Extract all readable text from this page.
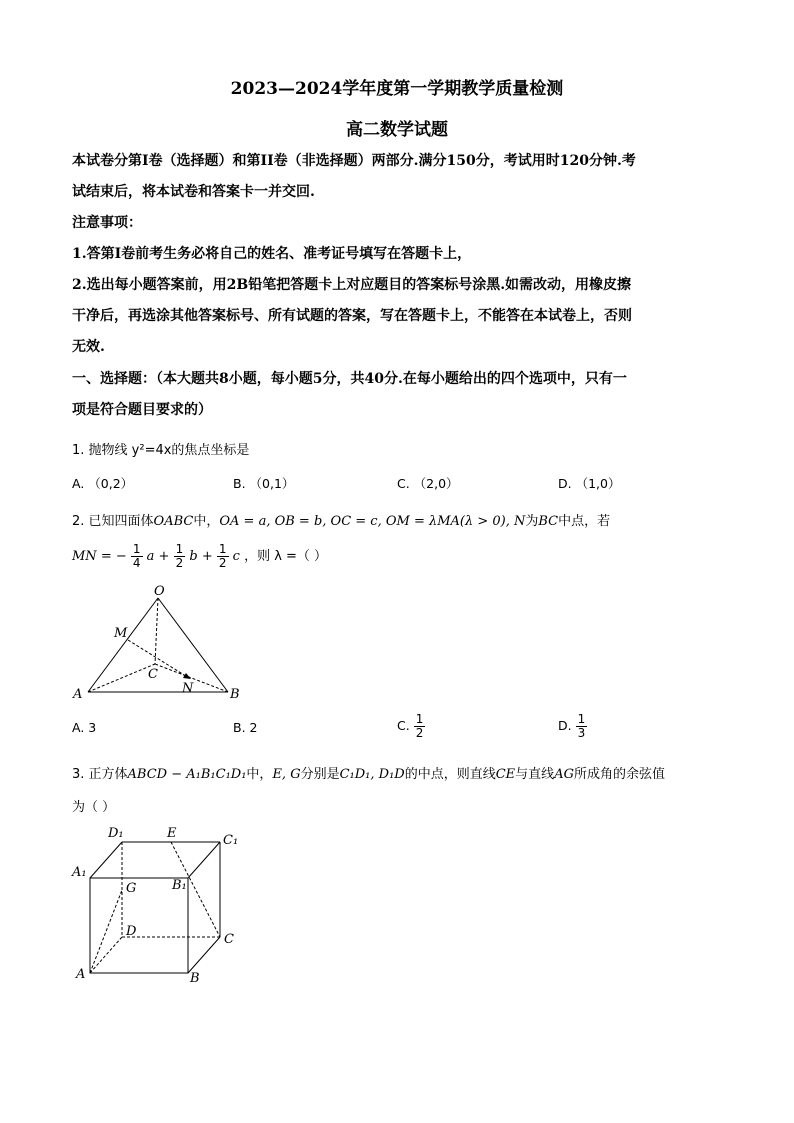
2023—2024学年度第一学期教学质量检测
高二数学试题
本试卷分第I卷（选择题）和第II卷（非选择题）两部分.满分150分，考试用时120分钟.考
试结束后，将本试卷和答案卡一并交回.
注意事项：
1.答第I卷前考生务必将自己的姓名、准考证号填写在答题卡上，
2.选出每小题答案前，用2B铅笔把答题卡上对应题目的答案标号涂黑.如需改动，用橡皮擦
干净后，再选涂其他答案标号、所有试题的答案，写在答题卡上，不能答在本试卷上，否则
无效.
一、选择题：（本大题共8小题，每小题5分，共40分.在每小题给出的四个选项中，只有一
项是符合题目要求的）
1. 抛物线 y²=4x的焦点坐标是
A. （0,2）	B. （0,1）	C. （2,0）	D. （1,0）
2. 已知四面体OABC中，OA = a, OB = b, OC = c, OM = λMA(λ > 0), N为BC中点，若
MN = − $\frac{1}{4}$ $a + \frac{1}{2}$ $b + \frac{1}{2}$ c ，则 λ =（ ）
O
M
C
N
A	B
A. 3	B. 2	C. $\frac{1}{2}$	D. $\frac{1}{3}$
3. 正方体ABCD − A₁B₁C₁D₁中，E, G分别是C₁D₁, D₁D的中点，则直线CE与直线AG所成角的余弦值
为（ ）
D₁	E	C₁
A₁
G	B₁
D
C
A	B
